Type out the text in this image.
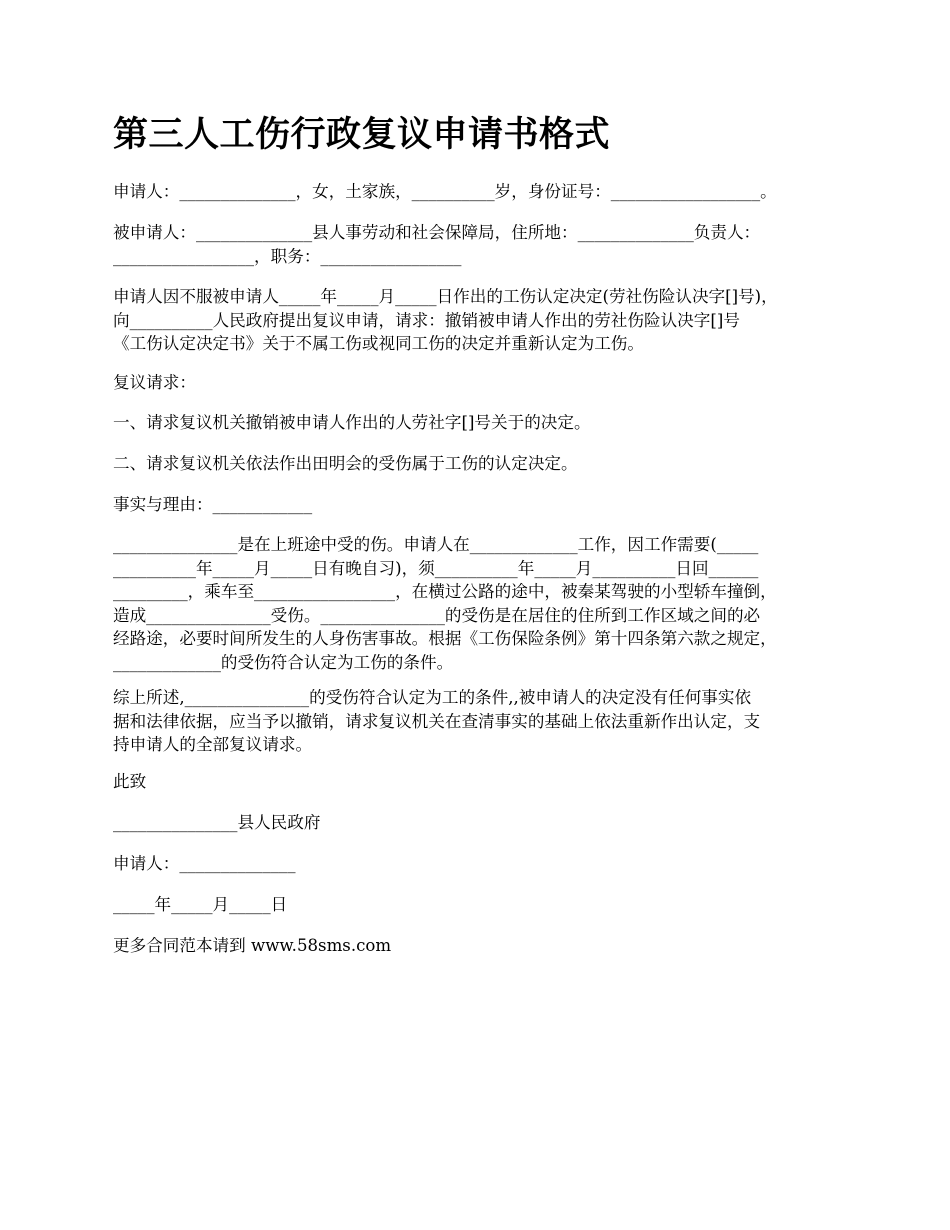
第三人工伤行政复议申请书格式

申请人：______________，女，土家族，__________岁，身份证号：__________________。

被申请人：______________县人事劳动和社会保障局，住所地：______________负责人：
_________________，职务：_________________

申请人因不服被申请人_____年_____月_____日作出的工伤认定决定(劳社伤险认决字[]号)，
向__________人民政府提出复议申请，请求：撤销被申请人作出的劳社伤险认决字[]号
《工伤认定决定书》关于不属工伤或视同工伤的决定并重新认定为工伤。

复议请求：

一、请求复议机关撤销被申请人作出的人劳社字[]号关于的决定。

二、请求复议机关依法作出田明会的受伤属于工伤的认定决定。

事实与理由：____________

_______________是在上班途中受的伤。申请人在_____________工作，因工作需要(_____
__________年_____月_____日有晚自习)，须__________年_____月__________日回______
_________，乘车至_________________，在横过公路的途中，被秦某驾驶的小型轿车撞倒，
造成_______________受伤。_______________的受伤是在居住的住所到工作区域之间的必
经路途，必要时间所发生的人身伤害事故。根据《工伤保险条例》第十四条第六款之规定，
_____________的受伤符合认定为工伤的条件。

综上所述,_______________的受伤符合认定为工的条件,,被申请人的决定没有任何事实依
据和法律依据，应当予以撤销，请求复议机关在查清事实的基础上依法重新作出认定，支
持申请人的全部复议请求。

此致

_______________县人民政府

申请人：______________

_____年_____月_____日

更多合同范本请到 www.58sms.com
